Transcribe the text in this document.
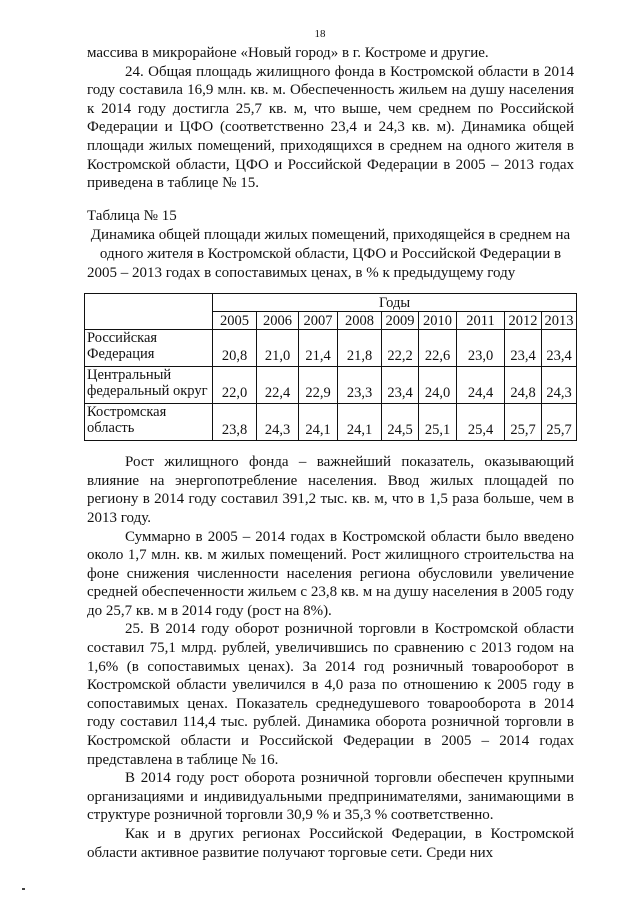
18

массива в микрорайоне «Новый город» в г. Костроме и другие.

24. Общая площадь жилищного фонда в Костромской области в 2014 году составила 16,9 млн. кв. м. Обеспеченность жильем на душу населения к 2014 году достигла 25,7 кв. м, что выше, чем среднем по Российской Федерации и ЦФО (соответственно 23,4 и 24,3 кв. м). Динамика общей площади жилых помещений, приходящихся в среднем на одного жителя в Костромской области, ЦФО и Российской Федерации в 2005 – 2013 годах приведена в таблице № 15.

Таблица № 15

Динамика общей площади жилых помещений, приходящейся в среднем на одного жителя в Костромской области, ЦФО и Российской Федерации в 2005 – 2013 годах в сопоставимых ценах, в % к предыдущему году

	Годы								
	2005	2006	2007	2008	2009	2010	2011	2012	2013
Российская Федерация	20,8	21,0	21,4	21,8	22,2	22,6	23,0	23,4	23,4
Центральный федеральный округ	22,0	22,4	22,9	23,3	23,4	24,0	24,4	24,8	24,3
Костромская область	23,8	24,3	24,1	24,1	24,5	25,1	25,4	25,7	25,7

Рост жилищного фонда – важнейший показатель, оказывающий влияние на энергопотребление населения. Ввод жилых площадей по региону в 2014 году составил 391,2 тыс. кв. м, что в 1,5 раза больше, чем в 2013 году.

Суммарно в 2005 – 2014 годах в Костромской области было введено около 1,7 млн. кв. м жилых помещений. Рост жилищного строительства на фоне снижения численности населения региона обусловили увеличение средней обеспеченности жильем с 23,8 кв. м на душу населения в 2005 году до 25,7 кв. м в 2014 году (рост на 8%).

25. В 2014 году оборот розничной торговли в Костромской области составил 75,1 млрд. рублей, увеличившись по сравнению с 2013 годом на 1,6% (в сопоставимых ценах). За 2014 год розничный товарооборот в Костромской области увеличился в 4,0 раза по отношению к 2005 году в сопоставимых ценах. Показатель среднедушевого товарооборота в 2014 году составил 114,4 тыс. рублей. Динамика оборота розничной торговли в Костромской области и Российской Федерации в 2005 – 2014 годах представлена в таблице № 16.

В 2014 году рост оборота розничной торговли обеспечен крупными организациями и индивидуальными предпринимателями, занимающими в структуре розничной торговли 30,9 % и 35,3 % соответственно.

Как и в других регионах Российской Федерации, в Костромской области активное развитие получают торговые сети. Среди них
